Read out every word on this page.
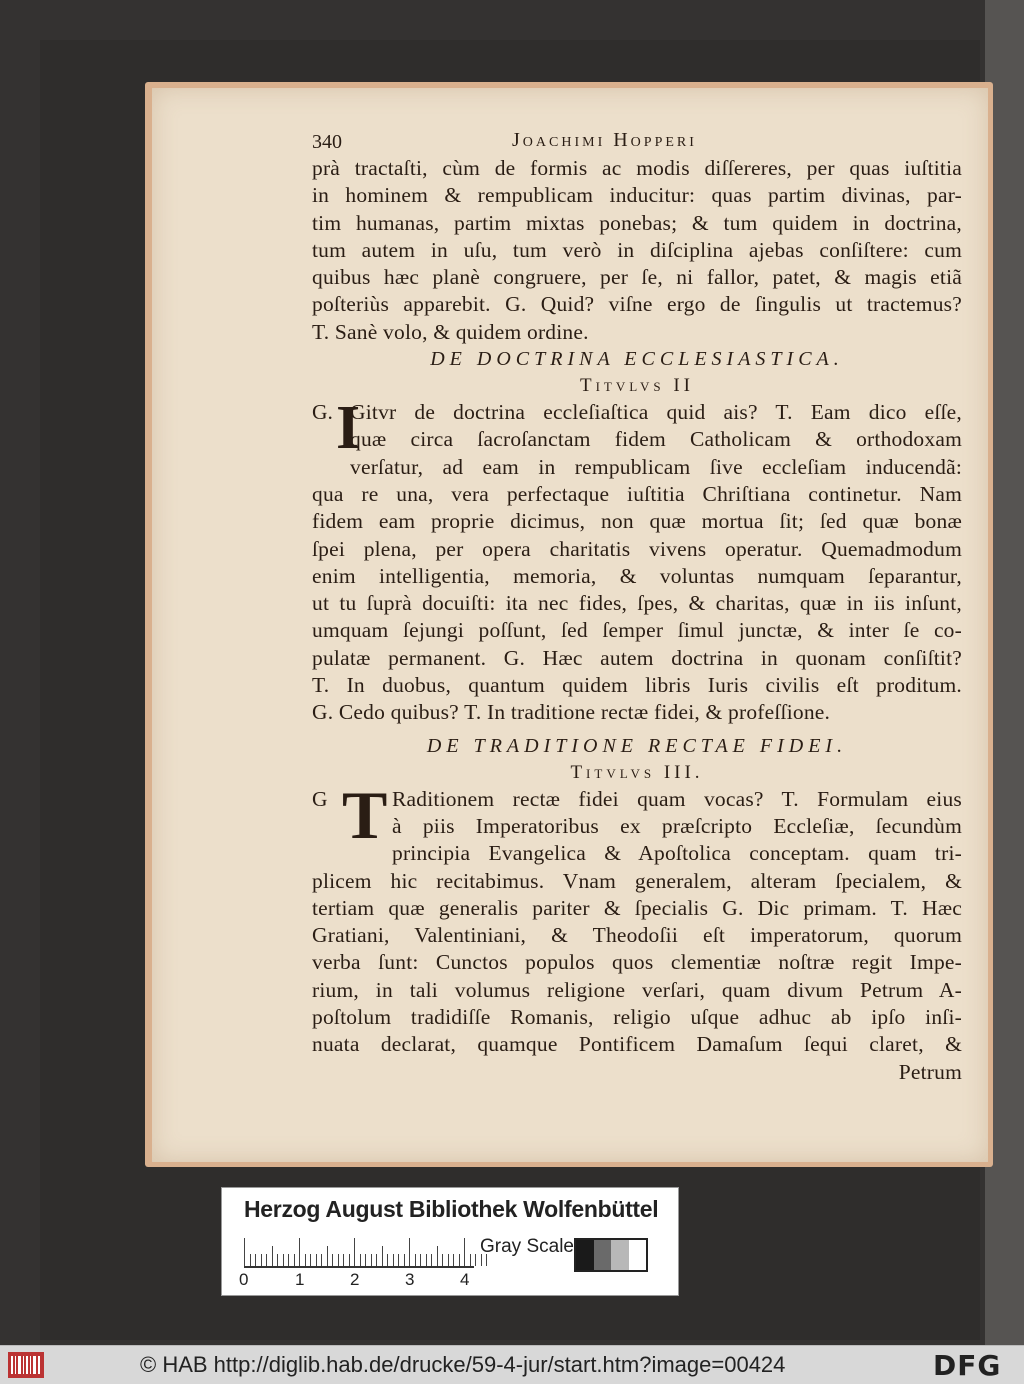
340	Joachimi Hopperi
prà tractaſti, cùm de formis ac modis diſſereres, per quas iuſtitia
in hominem & rempublicam inducitur: quas partim divinas, par-
tim humanas, partim mixtas ponebas; & tum quidem in doctrina,
tum autem in uſu, tum verò in diſciplina ajebas conſiſtere: cum
quibus hæc planè congruere, per ſe, ni fallor, patet, & magis etiã
poſteriùs apparebit. G. Quid? viſne ergo de ſingulis ut tractemus?
T. Sanè volo, & quidem ordine.
DE DOCTRINA ECCLESIASTICA.
Titvlvs II
G. I
Gitvr de doctrina eccleſiaſtica quid ais? T. Eam dico eſſe,
quæ circa ſacroſanctam fidem Catholicam & orthodoxam
verſatur, ad eam in rempublicam ſive eccleſiam inducendã:
qua re una, vera perfectaque iuſtitia Chriſtiana continetur. Nam
fidem eam proprie dicimus, non quæ mortua ſit; ſed quæ bonæ
ſpei plena, per opera charitatis vivens operatur. Quemadmodum
enim intelligentia, memoria, & voluntas numquam ſeparantur,
ut tu ſuprà docuiſti: ita nec fides, ſpes, & charitas, quæ in iis inſunt,
umquam ſejungi poſſunt, ſed ſemper ſimul junctæ, & inter ſe co-
pulatæ permanent. G. Hæc autem doctrina in quonam conſiſtit?
T. In duobus, quantum quidem libris Iuris civilis eſt proditum.
G. Cedo quibus? T. In traditione rectæ fidei, & profeſſione.
DE TRADITIONE RECTAE FIDEI.
Titvlvs III.
G T Raditionem rectæ fidei quam vocas? T. Formulam eius
à piis Imperatoribus ex præſcripto Eccleſiæ, ſecundùm
principia Evangelica & Apoſtolica conceptam. quam tri-
plicem hic recitabimus. Vnam generalem, alteram ſpecialem, &
tertiam quæ generalis pariter & ſpecialis G. Dic primam. T. Hæc
Gratiani, Valentiniani, & Theodoſii eſt imperatorum, quorum
verba ſunt: Cunctos populos quos clementiæ noſtræ regit Impe-
rium, in tali volumus religione verſari, quam divum Petrum A-
poſtolum tradidiſſe Romanis, religio uſque adhuc ab ipſo inſi-
nuata declarat, quamque Pontificem Damaſum ſequi claret, &
Petrum
Herzog August Bibliothek Wolfenbüttel
0	1	2	3	4
Gray Scale
© HAB http://diglib.hab.de/drucke/59-4-jur/start.htm?image=00424	DFG
